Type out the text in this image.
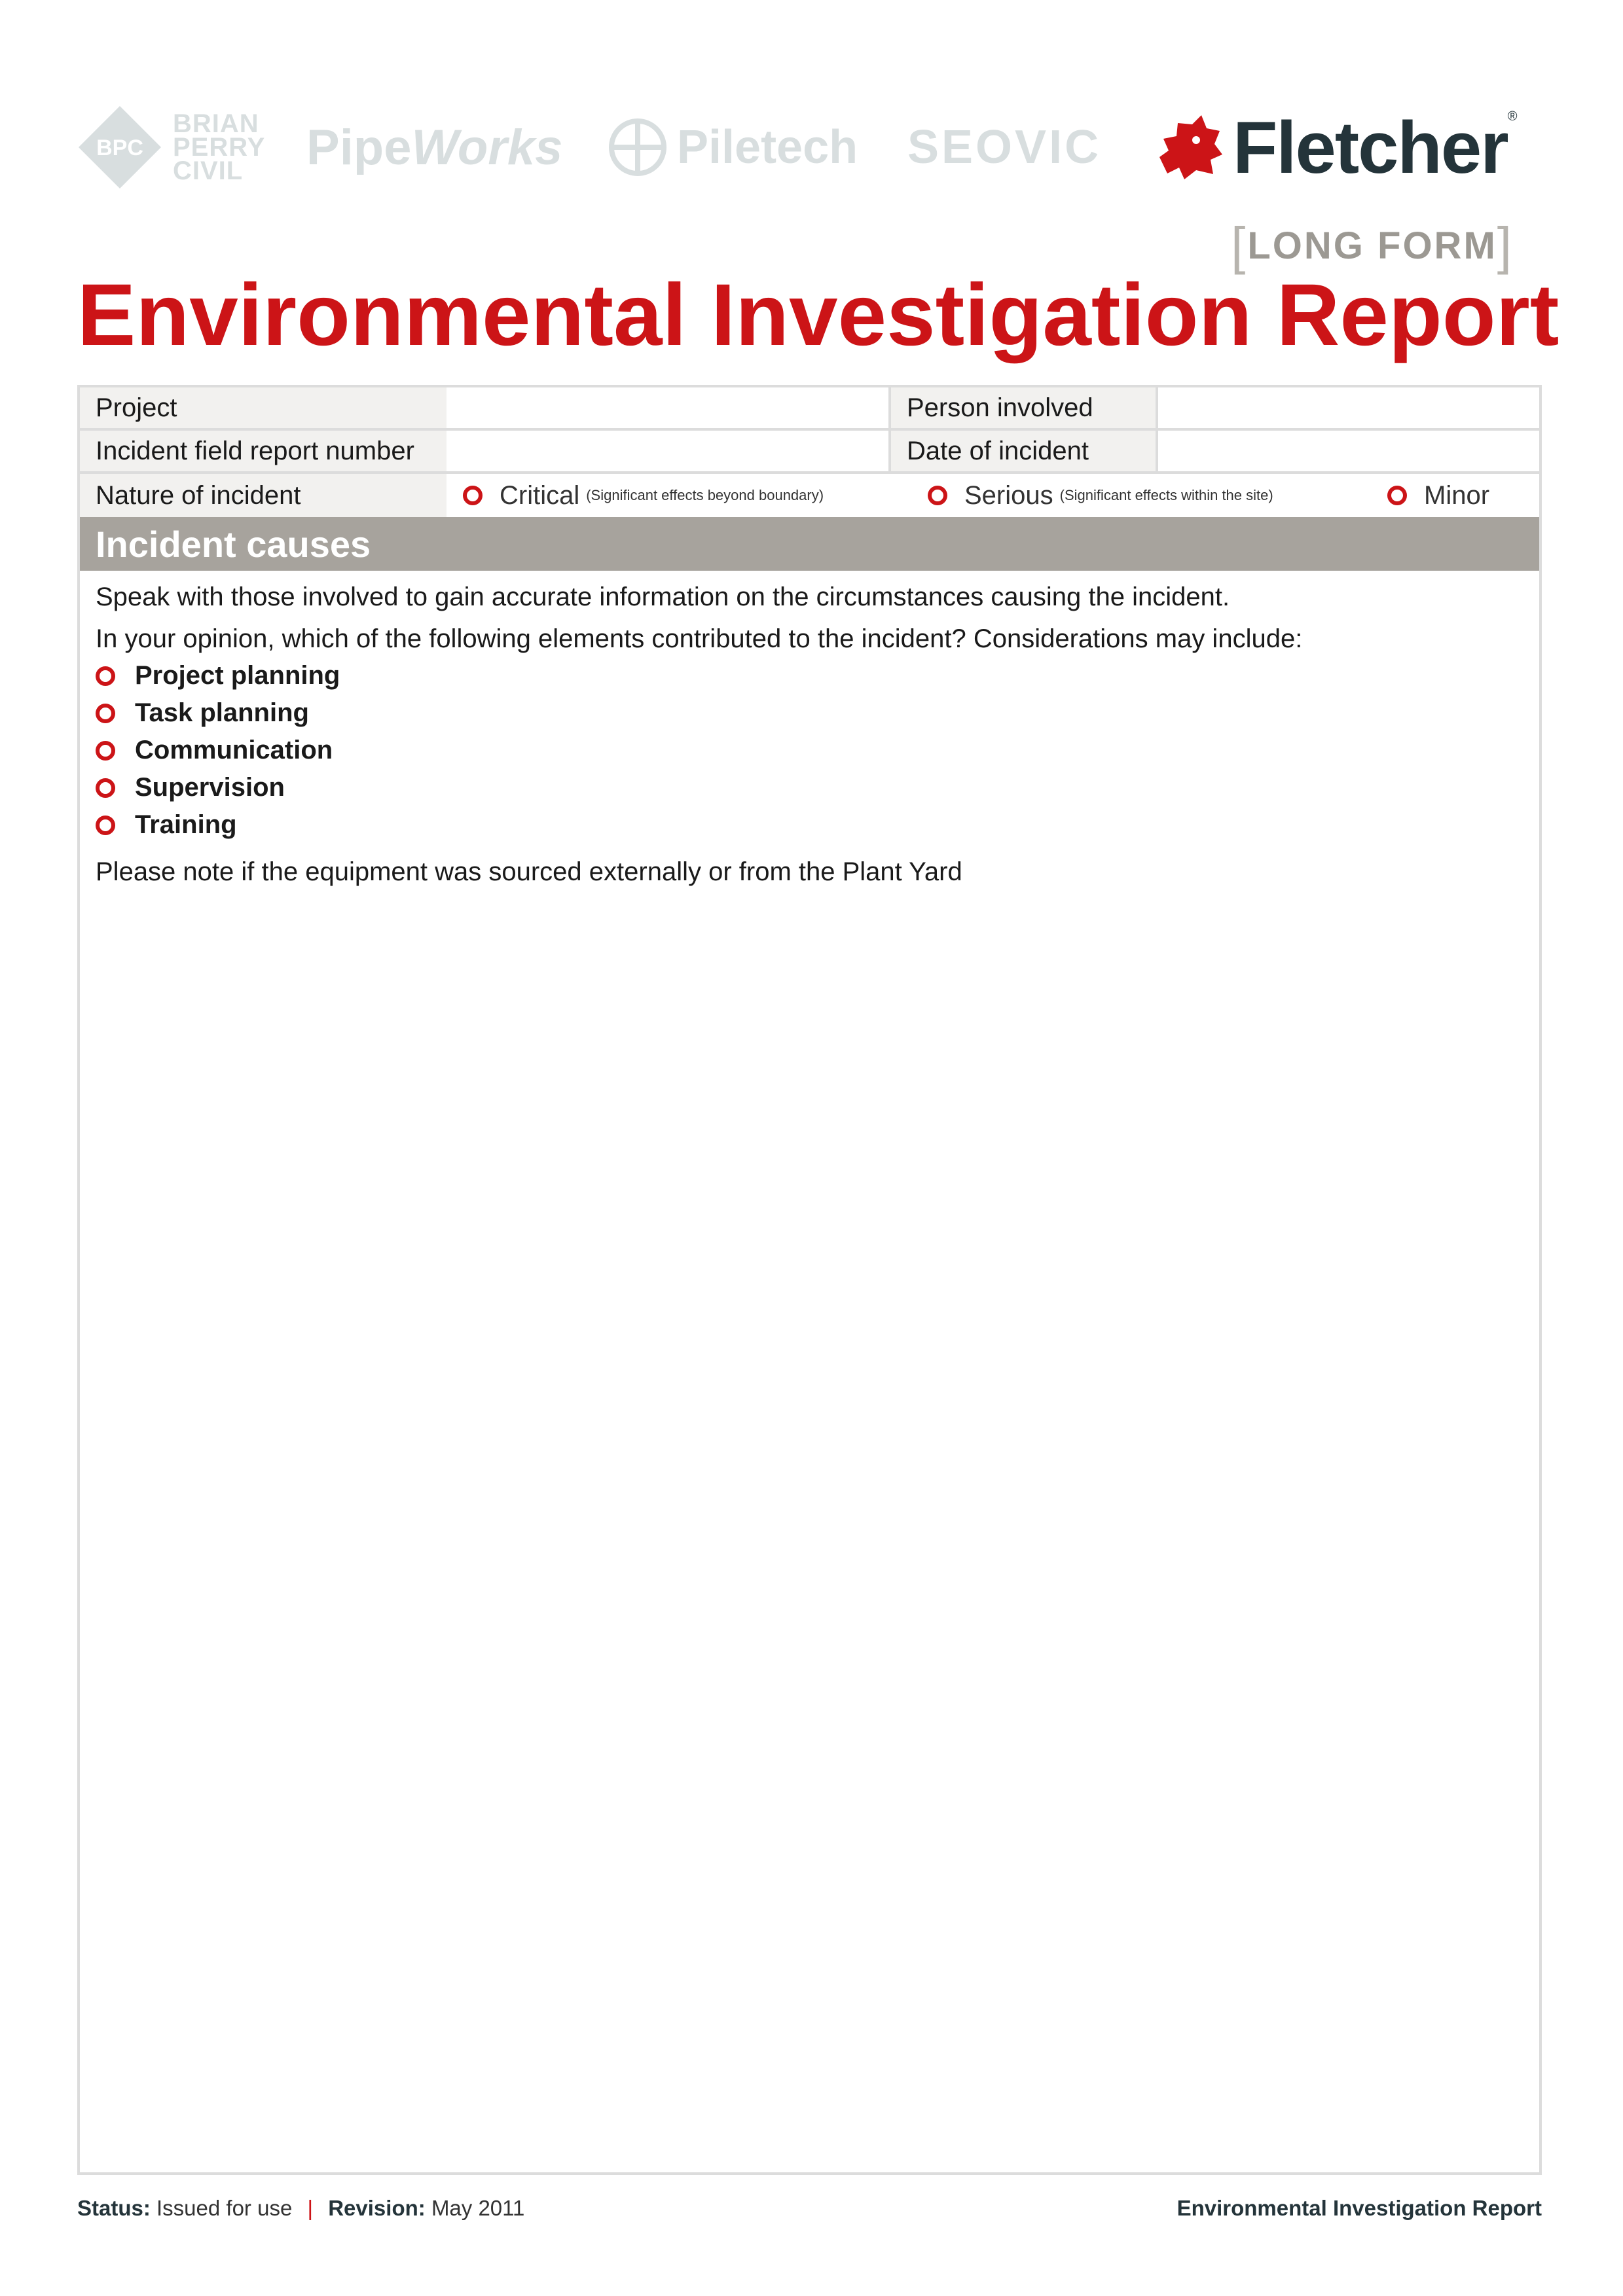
BPC
BRIAN
PERRY
CIVIL	Pipe Works Piletech SEOVIC Fletcher ®
[LONG FORM]
Environmental Investigation Report
Project	Person involved
Incident field report number	Date of incident
Nature of incident	Critical (Significant effects beyond boundary)	Serious (Significant effects within the site)	Minor
Incident causes
Speak with those involved to gain accurate information on the circumstances causing the incident.
In your opinion, which of the following elements contributed to the incident? Considerations may include:
Project planning
Task planning
Communication
Supervision
Training
Please note if the equipment was sourced externally or from the Plant Yard
Status: Issued for use | Revision: May 2011	Environmental Investigation Report
